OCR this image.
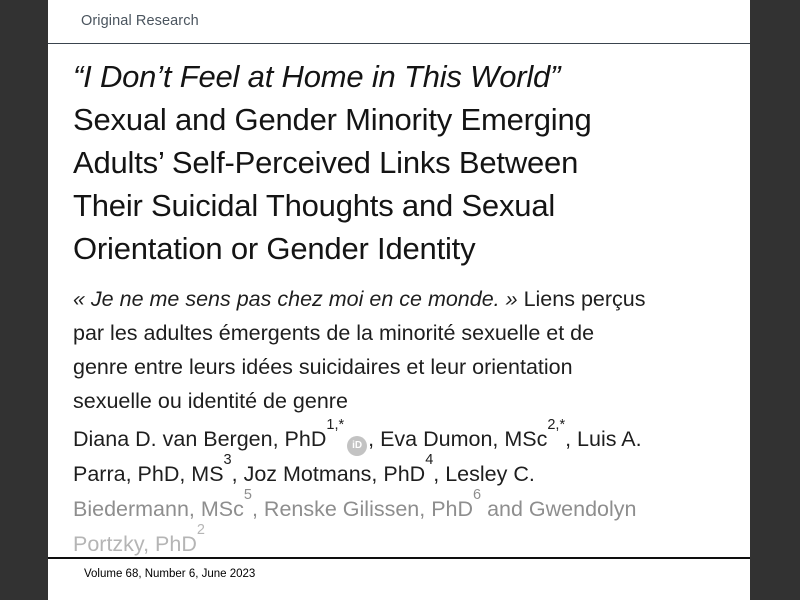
Original Research
“I Don’t Feel at Home in This World”
Sexual and Gender Minority Emerging
Adults’ Self-Perceived Links Between
Their Suicidal Thoughts and Sexual
Orientation or Gender Identity

« Je ne me sens pas chez moi en ce monde. » Liens perçus
par les adultes émergents de la minorité sexuelle et de
genre entre leurs idées suicidaires et leur orientation
sexuelle ou identité de genre

Diana D. van Bergen, PhD$^{1,*}$iD , Eva Dumon, MSc$^{2,*}$, Luis A.
Parra, PhD, $MS^3$, Joz Motmans, PhD$^4$, Lesley C.
Biedermann, MSc$^5$, Renske Gilissen, PhD$^6$ and Gwendolyn
Portzky, PhD$^2$

Volume 68, Number 6, June 2023
